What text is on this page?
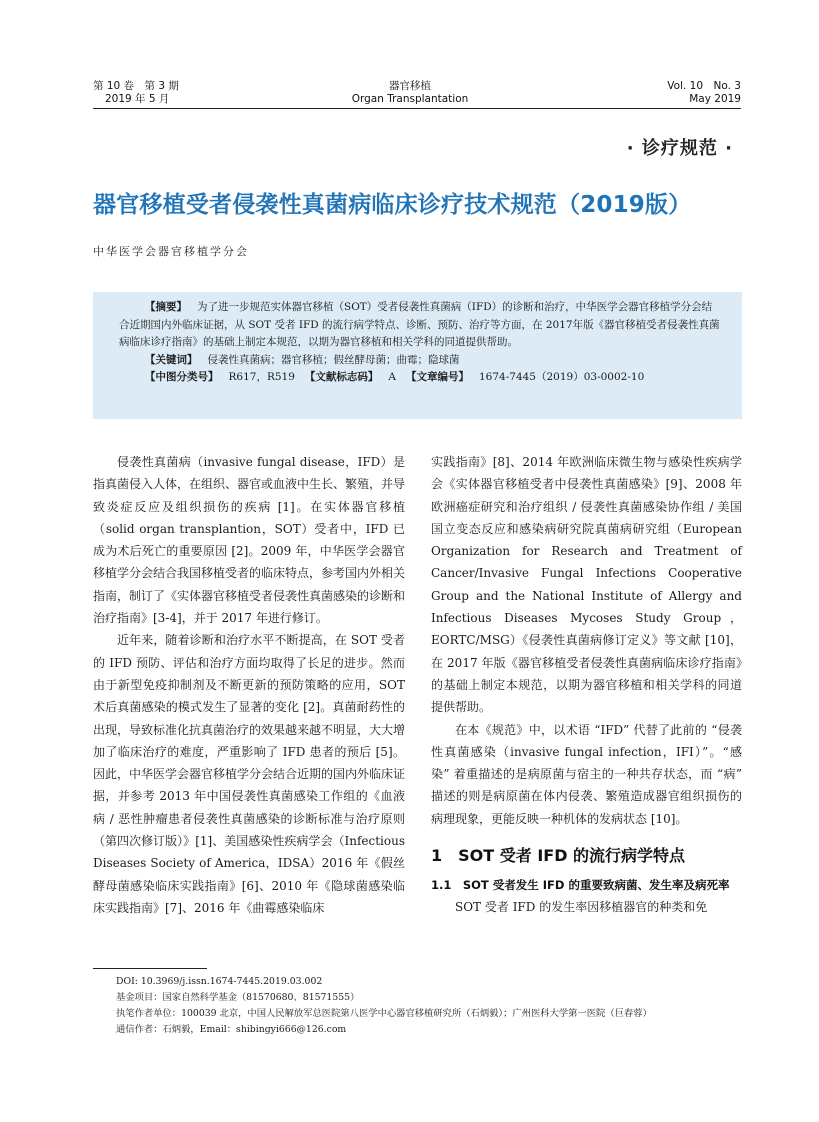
第 10 卷　第 3 期
2019 年 5 月
器官移植
Organ Transplantation
Vol. 10　No. 3
May 2019
· 诊疗规范 ·
器官移植受者侵袭性真菌病临床诊疗技术规范（2019版）
中华医学会器官移植学分会

【摘要】 为了进一步规范实体器官移植（SOT）受者侵袭性真菌病（IFD）的诊断和治疗，中华医学会器官移植学分会结合近期国内外临床证据，从 SOT 受者 IFD 的流行病学特点、诊断、预防、治疗等方面，在 2017年版《器官移植受者侵袭性真菌病临床诊疗指南》的基础上制定本规范，以期为器官移植和相关学科的同道提供帮助。

【关键词】 侵袭性真菌病；器官移植；假丝酵母菌；曲霉；隐球菌

【中图分类号】 R617，R519 【文献标志码】 A 【文章编号】 1674-7445（2019）03-0002-10

侵袭性真菌病（invasive fungal disease，IFD）是指真菌侵入人体，在组织、器官或血液中生长、繁殖，并导致炎症反应及组织损伤的疾病 [1]。在实体器官移植（solid organ transplantion，SOT）受者中，IFD 已成为术后死亡的重要原因 [2]。2009 年，中华医学会器官移植学分会结合我国移植受者的临床特点，参考国内外相关指南，制订了《实体器官移植受者侵袭性真菌感染的诊断和治疗指南》[3-4]，并于 2017 年进行修订。

近年来，随着诊断和治疗水平不断提高，在 SOT 受者的 IFD 预防、评估和治疗方面均取得了长足的进步。然而由于新型免疫抑制剂及不断更新的预防策略的应用，SOT 术后真菌感染的模式发生了显著的变化 [2]。真菌耐药性的出现，导致标准化抗真菌治疗的效果越来越不明显，大大增加了临床治疗的难度，严重影响了 IFD 患者的预后 [5]。因此，中华医学会器官移植学分会结合近期的国内外临床证据，并参考 2013 年中国侵袭性真菌感染工作组的《血液病 / 恶性肿瘤患者侵袭性真菌感染的诊断标准与治疗原则（第四次修订版）》[1]、美国感染性疾病学会（Infectious Diseases Society of America，IDSA）2016 年《假丝酵母菌感染临床实践指南》[6]、2010 年《隐球菌感染临床实践指南》[7]、2016 年《曲霉感染临床

实践指南》[8]、2014 年欧洲临床微生物与感染性疾病学会《实体器官移植受者中侵袭性真菌感染》[9]、2008 年欧洲癌症研究和治疗组织 / 侵袭性真菌感染协作组 / 美国国立变态反应和感染病研究院真菌病研究组（European Organization for Research and Treatment of Cancer/Invasive Fungal Infections Cooperative Group and the National Institute of Allergy and Infectious Diseases Mycoses Study Group，EORTC/MSG）《侵袭性真菌病修订定义》等文献 [10]，在 2017 年版《器官移植受者侵袭性真菌病临床诊疗指南》的基础上制定本规范，以期为器官移植和相关学科的同道提供帮助。

在本《规范》中，以术语 “IFD” 代替了此前的 “侵袭性真菌感染（invasive fungal infection，IFI）”。“感染” 着重描述的是病原菌与宿主的一种共存状态，而 “病” 描述的则是病原菌在体内侵袭、繁殖造成器官组织损伤的病理现象，更能反映一种机体的发病状态 [10]。

1　SOT 受者 IFD 的流行病学特点
1.1　SOT 受者发生 IFD 的重要致病菌、发生率及病死率

SOT 受者 IFD 的发生率因移植器官的种类和免

DOI: 10.3969/j.issn.1674-7445.2019.03.002
基金项目：国家自然科学基金（81570680、81571555）
执笔作者单位：100039 北京，中国人民解放军总医院第八医学中心器官移植研究所（石炳毅）；广州医科大学第一医院（巨春蓉）
通信作者：石炳毅，Email：shibingyi666@126.com
